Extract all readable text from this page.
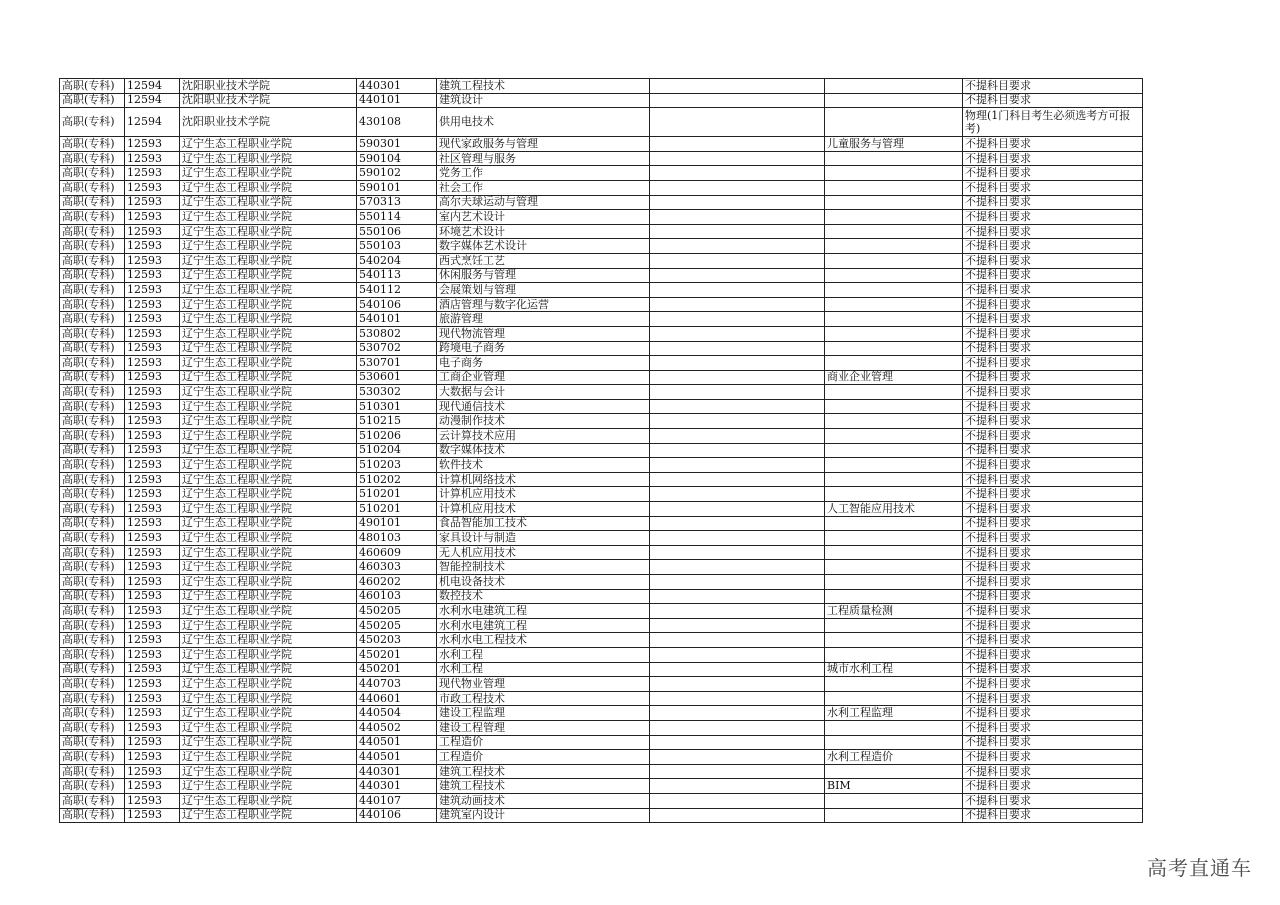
高职(专科)	12594	沈阳职业技术学院	440301	建筑工程技术			不提科目要求
高职(专科)	12594	沈阳职业技术学院	440101	建筑设计			不提科目要求
高职(专科)	12594	沈阳职业技术学院	430108	供用电技术			物理(1门科目考生必须选考方可报考)
高职(专科)	12593	辽宁生态工程职业学院	590301	现代家政服务与管理		儿童服务与管理	不提科目要求
高职(专科)	12593	辽宁生态工程职业学院	590104	社区管理与服务			不提科目要求
高职(专科)	12593	辽宁生态工程职业学院	590102	党务工作			不提科目要求
高职(专科)	12593	辽宁生态工程职业学院	590101	社会工作			不提科目要求
高职(专科)	12593	辽宁生态工程职业学院	570313	高尔夫球运动与管理			不提科目要求
高职(专科)	12593	辽宁生态工程职业学院	550114	室内艺术设计			不提科目要求
高职(专科)	12593	辽宁生态工程职业学院	550106	环境艺术设计			不提科目要求
高职(专科)	12593	辽宁生态工程职业学院	550103	数字媒体艺术设计			不提科目要求
高职(专科)	12593	辽宁生态工程职业学院	540204	西式烹饪工艺			不提科目要求
高职(专科)	12593	辽宁生态工程职业学院	540113	休闲服务与管理			不提科目要求
高职(专科)	12593	辽宁生态工程职业学院	540112	会展策划与管理			不提科目要求
高职(专科)	12593	辽宁生态工程职业学院	540106	酒店管理与数字化运营			不提科目要求
高职(专科)	12593	辽宁生态工程职业学院	540101	旅游管理			不提科目要求
高职(专科)	12593	辽宁生态工程职业学院	530802	现代物流管理			不提科目要求
高职(专科)	12593	辽宁生态工程职业学院	530702	跨境电子商务			不提科目要求
高职(专科)	12593	辽宁生态工程职业学院	530701	电子商务			不提科目要求
高职(专科)	12593	辽宁生态工程职业学院	530601	工商企业管理		商业企业管理	不提科目要求
高职(专科)	12593	辽宁生态工程职业学院	530302	大数据与会计			不提科目要求
高职(专科)	12593	辽宁生态工程职业学院	510301	现代通信技术			不提科目要求
高职(专科)	12593	辽宁生态工程职业学院	510215	动漫制作技术			不提科目要求
高职(专科)	12593	辽宁生态工程职业学院	510206	云计算技术应用			不提科目要求
高职(专科)	12593	辽宁生态工程职业学院	510204	数字媒体技术			不提科目要求
高职(专科)	12593	辽宁生态工程职业学院	510203	软件技术			不提科目要求
高职(专科)	12593	辽宁生态工程职业学院	510202	计算机网络技术			不提科目要求
高职(专科)	12593	辽宁生态工程职业学院	510201	计算机应用技术			不提科目要求
高职(专科)	12593	辽宁生态工程职业学院	510201	计算机应用技术		人工智能应用技术	不提科目要求
高职(专科)	12593	辽宁生态工程职业学院	490101	食品智能加工技术			不提科目要求
高职(专科)	12593	辽宁生态工程职业学院	480103	家具设计与制造			不提科目要求
高职(专科)	12593	辽宁生态工程职业学院	460609	无人机应用技术			不提科目要求
高职(专科)	12593	辽宁生态工程职业学院	460303	智能控制技术			不提科目要求
高职(专科)	12593	辽宁生态工程职业学院	460202	机电设备技术			不提科目要求
高职(专科)	12593	辽宁生态工程职业学院	460103	数控技术			不提科目要求
高职(专科)	12593	辽宁生态工程职业学院	450205	水利水电建筑工程		工程质量检测	不提科目要求
高职(专科)	12593	辽宁生态工程职业学院	450205	水利水电建筑工程			不提科目要求
高职(专科)	12593	辽宁生态工程职业学院	450203	水利水电工程技术			不提科目要求
高职(专科)	12593	辽宁生态工程职业学院	450201	水利工程			不提科目要求
高职(专科)	12593	辽宁生态工程职业学院	450201	水利工程		城市水利工程	不提科目要求
高职(专科)	12593	辽宁生态工程职业学院	440703	现代物业管理			不提科目要求
高职(专科)	12593	辽宁生态工程职业学院	440601	市政工程技术			不提科目要求
高职(专科)	12593	辽宁生态工程职业学院	440504	建设工程监理		水利工程监理	不提科目要求
高职(专科)	12593	辽宁生态工程职业学院	440502	建设工程管理			不提科目要求
高职(专科)	12593	辽宁生态工程职业学院	440501	工程造价			不提科目要求
高职(专科)	12593	辽宁生态工程职业学院	440501	工程造价		水利工程造价	不提科目要求
高职(专科)	12593	辽宁生态工程职业学院	440301	建筑工程技术			不提科目要求
高职(专科)	12593	辽宁生态工程职业学院	440301	建筑工程技术		BIM	不提科目要求
高职(专科)	12593	辽宁生态工程职业学院	440107	建筑动画技术			不提科目要求
高职(专科)	12593	辽宁生态工程职业学院	440106	建筑室内设计			不提科目要求
高考直通车
